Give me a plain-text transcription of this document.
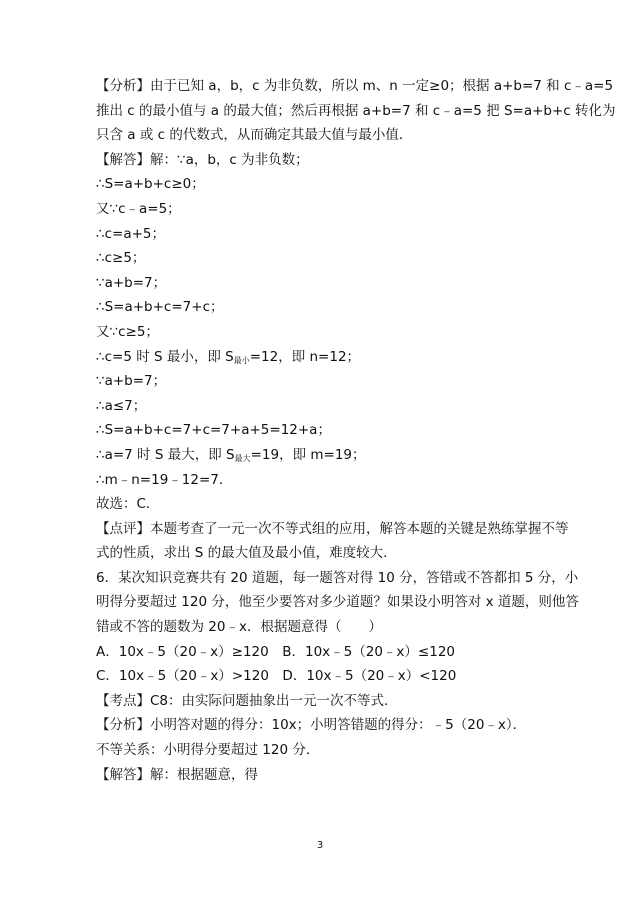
【分析】由于已知 a，b，c 为非负数，所以 m、n 一定≥0；根据 a+b=7 和 c﹣a=5
推出 c 的最小值与 a 的最大值；然后再根据 a+b=7 和 c﹣a=5 把 S=a+b+c 转化为
只含 a 或 c 的代数式，从而确定其最大值与最小值．
【解答】解：∵a，b，c 为非负数；
∴S=a+b+c≥0；
又∵c﹣a=5；
∴c=a+5；
∴c≥5；
∵a+b=7；
∴S=a+b+c=7+c；
又∵c≥5；
∴c=5 时 S 最小，即 $S_{最小}=12$，即 n=12；
∵a+b=7；
∴a≤7；
∴S=a+b+c=7+c=7+a+5=12+a；
∴a=7 时 S 最大，即 $S_{最大}=19$，即 m=19；
∴m﹣n=19﹣12=7．
故选：C．
【点评】本题考查了一元一次不等式组的应用，解答本题的关键是熟练掌握不等
式的性质，求出 S 的最大值及最小值，难度较大．
6．某次知识竞赛共有 20 道题，每一题答对得 10 分，答错或不答都扣 5 分，小
明得分要超过 120 分，他至少要答对多少道题？如果设小明答对 x 道题，则他答
错或不答的题数为 20﹣x．根据题意得（　　）
A．10x﹣5（20﹣x）≥120　B．10x﹣5（20﹣x）≤120
C．10x﹣5（20﹣x）>120　D．10x﹣5（20﹣x）<120
【考点】C8：由实际问题抽象出一元一次不等式．
【分析】小明答对题的得分：10x；小明答错题的得分：﹣5（20﹣x）．
不等关系：小明得分要超过 120 分．
【解答】解：根据题意，得
3
